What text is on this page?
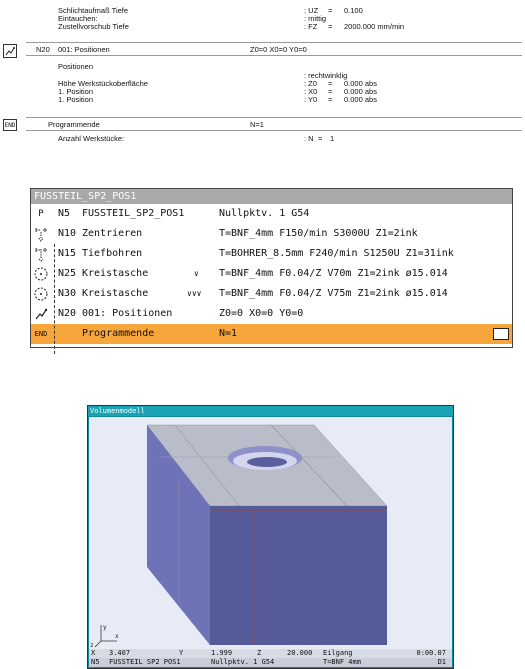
Schlichtaufmaß Tiefe	: UZ = 0.100
Eintauchen:	: mittig
Zustellvorschub Tiefe	: FZ = 2000.000 mm/min
N20 001: Positionen	Z0=0 X0=0 Y0=0
Positionen
: rechtwinklig
Höhe Werkstückoberfläche	: Z0 = 0.000 abs
1. Position	: X0 = 0.000 abs
1. Position	: Y0 = 0.000 abs
END	Programmende	N=1
Anzahl Werkstücke:	: N = 1
FUSSTEIL_SP2_POS1
P	N5 FUSSTEIL_SP2_POS1	Nullpktv. 1 G54
N10 Zentrieren	T=BNF_4mm F150/min S3000U Z1=2ink
N15 Tiefbohren	T=BOHRER_8.5mm F240/min S1250U Z1=31ink
N25 Kreistasche	∨ T=BNF_4mm F0.04/Z V70m Z1=2ink ø15.014
N30 Kreistasche	∨∨∨ T=BNF_4mm F0.04/Z V75m Z1=2ink ø15.014
N20 001: Positionen	Z0=0 X0=0 Y0=0
END	Programmende	N=1
Volumenmodell
y
x
z
X 3.407	Y	1.999	Z	20.000 Eilgang	0:00.07
N5 FUSSTEIL SP2 POS1	Nullpktv. 1 G54	T=BNF 4mm	D1
